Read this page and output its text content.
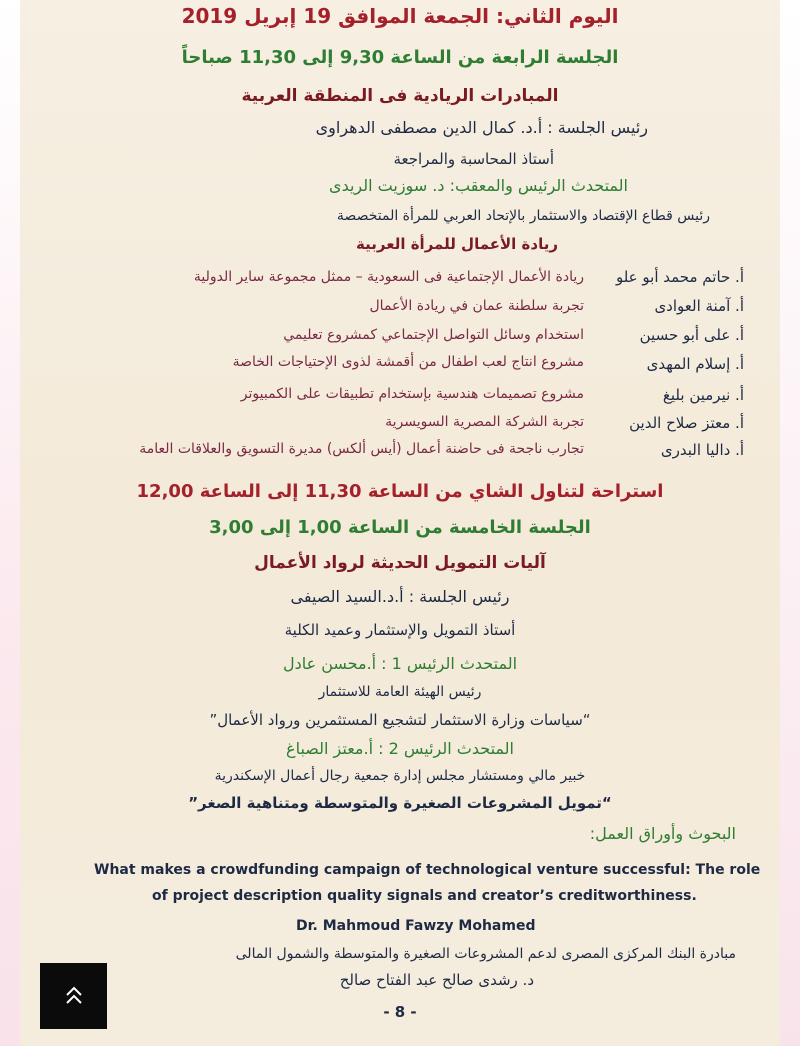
اليوم الثاني: الجمعة الموافق 19 إبريل 2019
الجلسة الرابعة من الساعة 9,30 إلى 11,30 صباحاً
المبادرات الريادية فى المنطقة العربية
رئيس الجلسة : أ.د. كمال الدين مصطفى الدهراوى
أستاذ المحاسبة والمراجعة
المتحدث الرئيس والمعقب: د. سوزيت الريدى
رئيس قطاع الإقتصاد والاستثمار بالإتحاد العربي للمرأة المتخصصة
ريادة الأعمال للمرأة العربية
أ. حاتم محمد أبو علو
ريادة الأعمال الإجتماعية فى السعودية – ممثل مجموعة ساير الدولية
أ. آمنة العوادى
تجربة سلطنة عمان في ريادة الأعمال
أ. على أبو حسين
استخدام وسائل التواصل الإجتماعي كمشروع تعليمي
أ. إسلام المهدى
مشروع انتاج لعب اطفال من أقمشة لذوى الإحتياجات الخاصة
أ. نيرمين بليغ
مشروع تصميمات هندسية بإستخدام تطبيقات على الكمبيوتر
أ. معتز صلاح الدين
تجربة الشركة المصرية السويسرية
أ. داليا البدرى
تجارب ناجحة فى حاضنة أعمال (أيس ألكس) مديرة التسويق والعلاقات العامة
استراحة لتناول الشاي من الساعة 11,30 إلى الساعة 12,00
الجلسة الخامسة من الساعة 1,00 إلى 3,00
آليات التمويل الحديثة لرواد الأعمال
رئيس الجلسة : أ.د.السيد الصيفى
أستاذ التمويل والإستثمار وعميد الكلية
المتحدث الرئيس 1 : أ.محسن عادل
رئيس الهيئة العامة للاستثمار
“سياسات وزارة الاستثمار لتشجيع المستثمرين ورواد الأعمال”
المتحدث الرئيس 2 : أ.معتز الصباغ
خبير مالي ومستشار مجلس إدارة جمعية رجال أعمال الإسكندرية
“تمويل المشروعات الصغيرة والمتوسطة ومتناهية الصغر”
البحوث وأوراق العمل:
What makes a crowdfunding campaign of technological venture successful: The role
of project description quality signals and creator’s creditworthiness.
Dr. Mahmoud Fawzy Mohamed
مبادرة البنك المركزى المصرى لدعم المشروعات الصغيرة والمتوسطة والشمول المالى
د. رشدى صالح عبد الفتاح صالح
- 8 -
